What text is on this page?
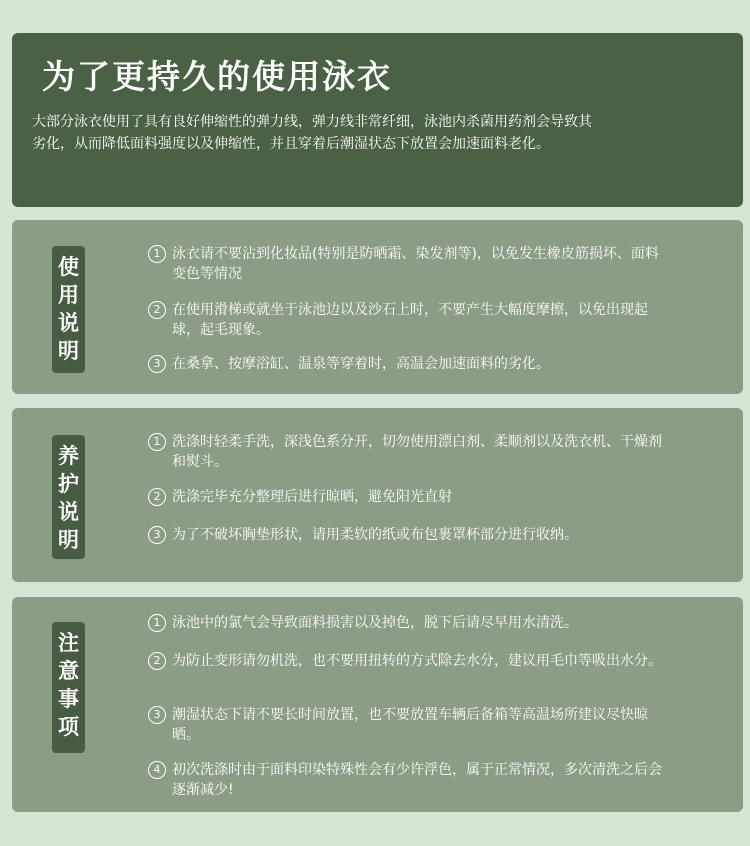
为了更持久的使用泳衣

大部分泳衣使用了具有良好伸缩性的弹力线，弹力线非常纤细，泳池内杀菌用药剂会导致其劣化，从而降低面料强度以及伸缩性，并且穿着后潮湿状态下放置会加速面料老化。

使
用
说
明
1 泳衣请不要沾到化妆品(特别是防晒霜、染发剂等)，以免发生橡皮筋损坏、面料变色等情况
2 在使用滑梯或就坐于泳池边以及沙石上时，不要产生大幅度摩擦，以免出现起球，起毛现象。
3 在桑拿、按摩浴缸、温泉等穿着时，高温会加速面料的劣化。
养
护
说
明
1 洗涤时轻柔手洗，深浅色系分开，切勿使用漂白剂、柔顺剂以及洗衣机、干燥剂和熨斗。
2 洗涤完毕充分整理后进行晾晒，避免阳光直射
3 为了不破坏胸垫形状，请用柔软的纸或布包裹罩杯部分进行收纳。
注
意
事
项
1 泳池中的氯气会导致面料损害以及掉色，脱下后请尽早用水清洗。
2 为防止变形请勿机洗，也不要用扭转的方式除去水分，建议用毛巾等吸出水分。
3 潮湿状态下请不要长时间放置，也不要放置车辆后备箱等高温场所建议尽快晾晒。
4 初次洗涤时由于面料印染特殊性会有少许浮色，属于正常情况，多次清洗之后会逐渐减少!
